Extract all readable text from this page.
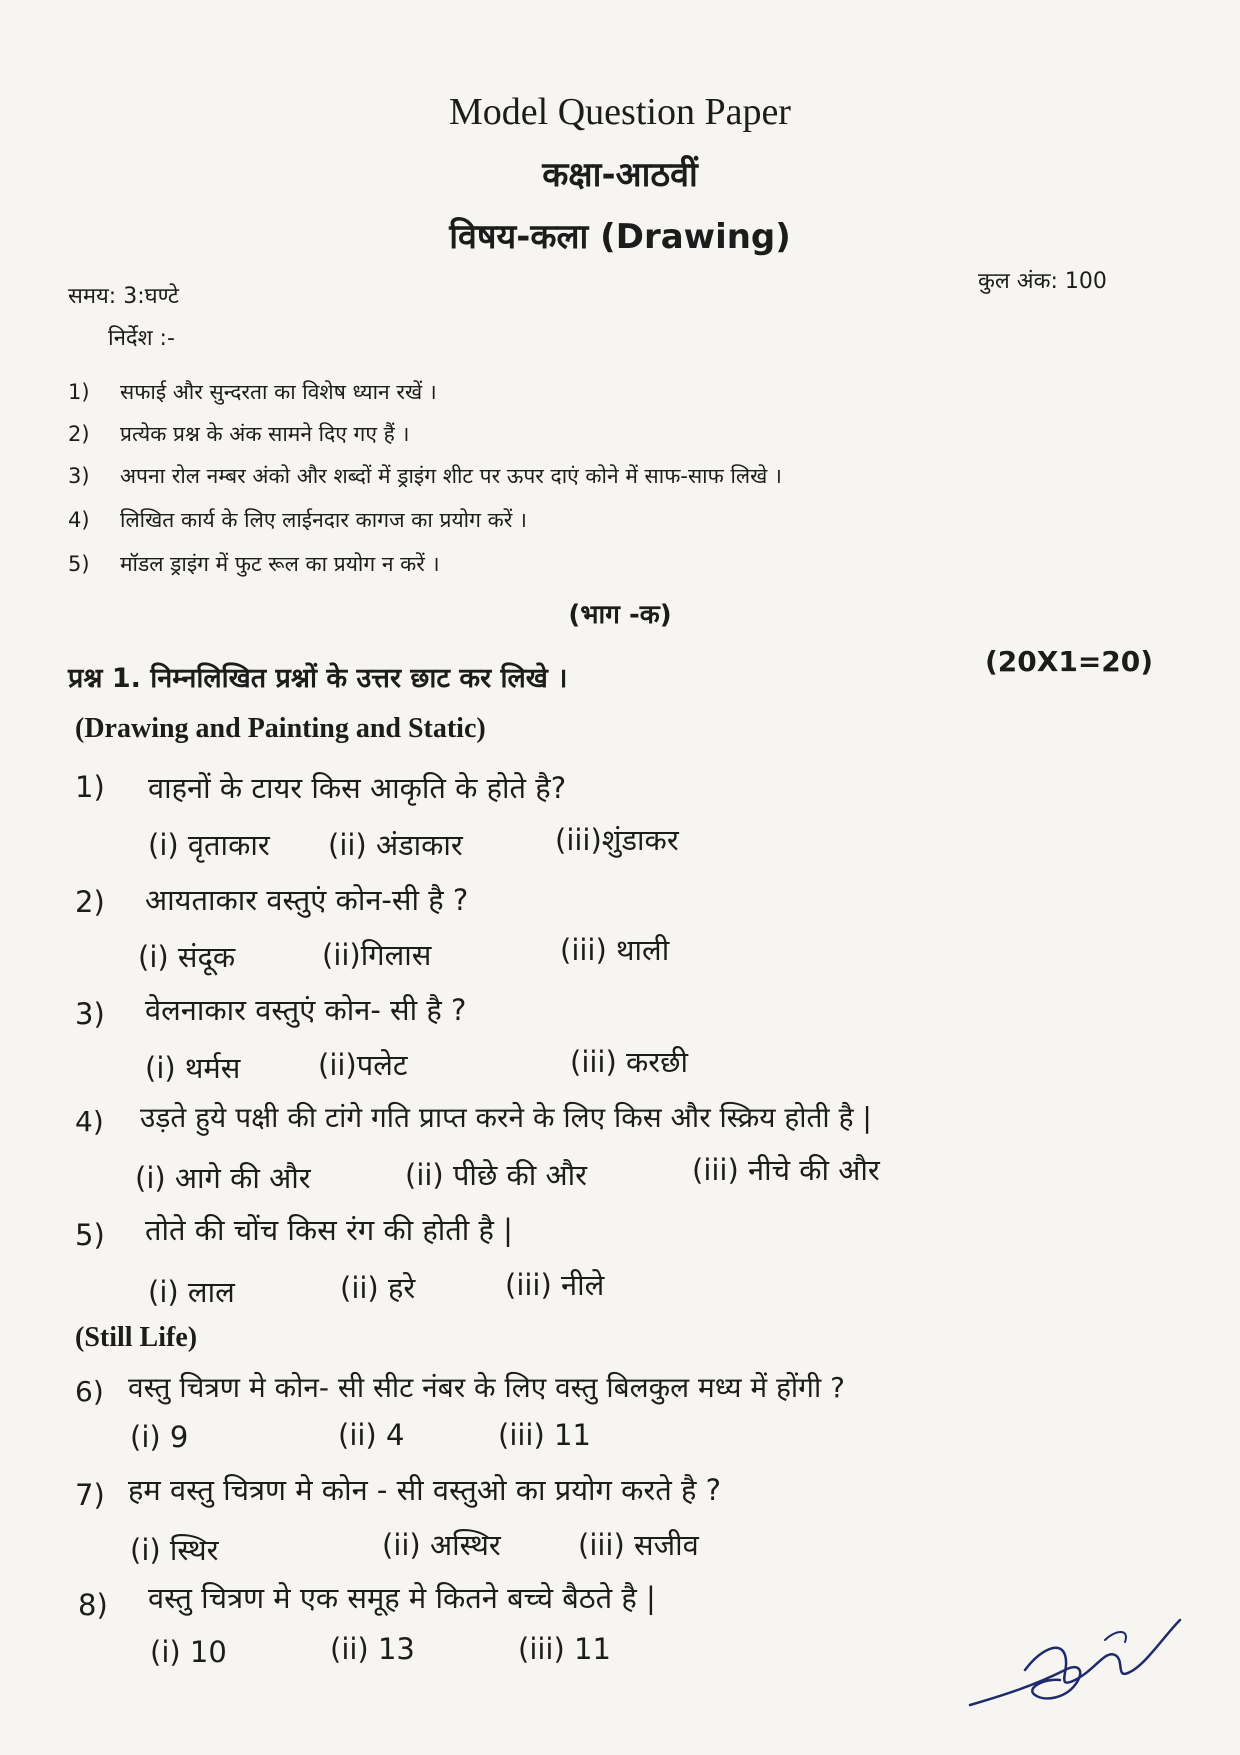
Model Question Paper
कक्षा-आठवीं
विषय-कला (Drawing)
समय: 3:घण्टे
कुल अंक: 100
निर्देश :-
1) सफाई और सुन्दरता का विशेष ध्यान रखें ।
2) प्रत्येक प्रश्न के अंक सामने दिए गए हैं ।
3) अपना रोल नम्बर अंको और शब्दों में ड्राइंग शीट पर ऊपर दाएं कोने में साफ-साफ लिखे ।
4) लिखित कार्य के लिए लाईनदार कागज का प्रयोग करें ।
5) मॉडल ड्राइंग में फुट रूल का प्रयोग न करें ।
(भाग -क)
प्रश्न 1. निम्नलिखित प्रश्नों के उत्तर छाट कर लिखे ।
(20X1=20)
(Drawing and Painting and Static)
1) वाहनों के टायर किस आकृति के होते है?
(i) वृताकार (ii) अंडाकार	(iii)शुंडाकर
2) आयताकार वस्तुएं कोन-सी है ?
(i) संदूक	(ii)गिलास	(iii) थाली
3) वेलनाकार वस्तुएं कोन- सी है ?
(i) थर्मस	(ii)पलेट	(iii) करछी
4) उड़ते हुये पक्षी की टांगे गति प्राप्त करने के लिए किस और स्क्रिय होती है |
(i) आगे की और	(ii) पीछे की और	(iii) नीचे की और
5) तोते की चोंच किस रंग की होती है |
(i) लाल	(ii) हरे	(iii) नीले
(Still Life)
6) वस्तु चित्रण मे कोन- सी सीट नंबर के लिए वस्तु बिलकुल मध्य में होंगी ?
(i) 9	(ii) 4	(iii) 11
7) हम वस्तु चित्रण मे कोन - सी वस्तुओ का प्रयोग करते है ?
(i) स्थिर	(ii) अस्थिर	(iii) सजीव
8) वस्तु चित्रण मे एक समूह मे कितने बच्चे बैठते है |
(i) 10	(ii) 13	(iii) 11
